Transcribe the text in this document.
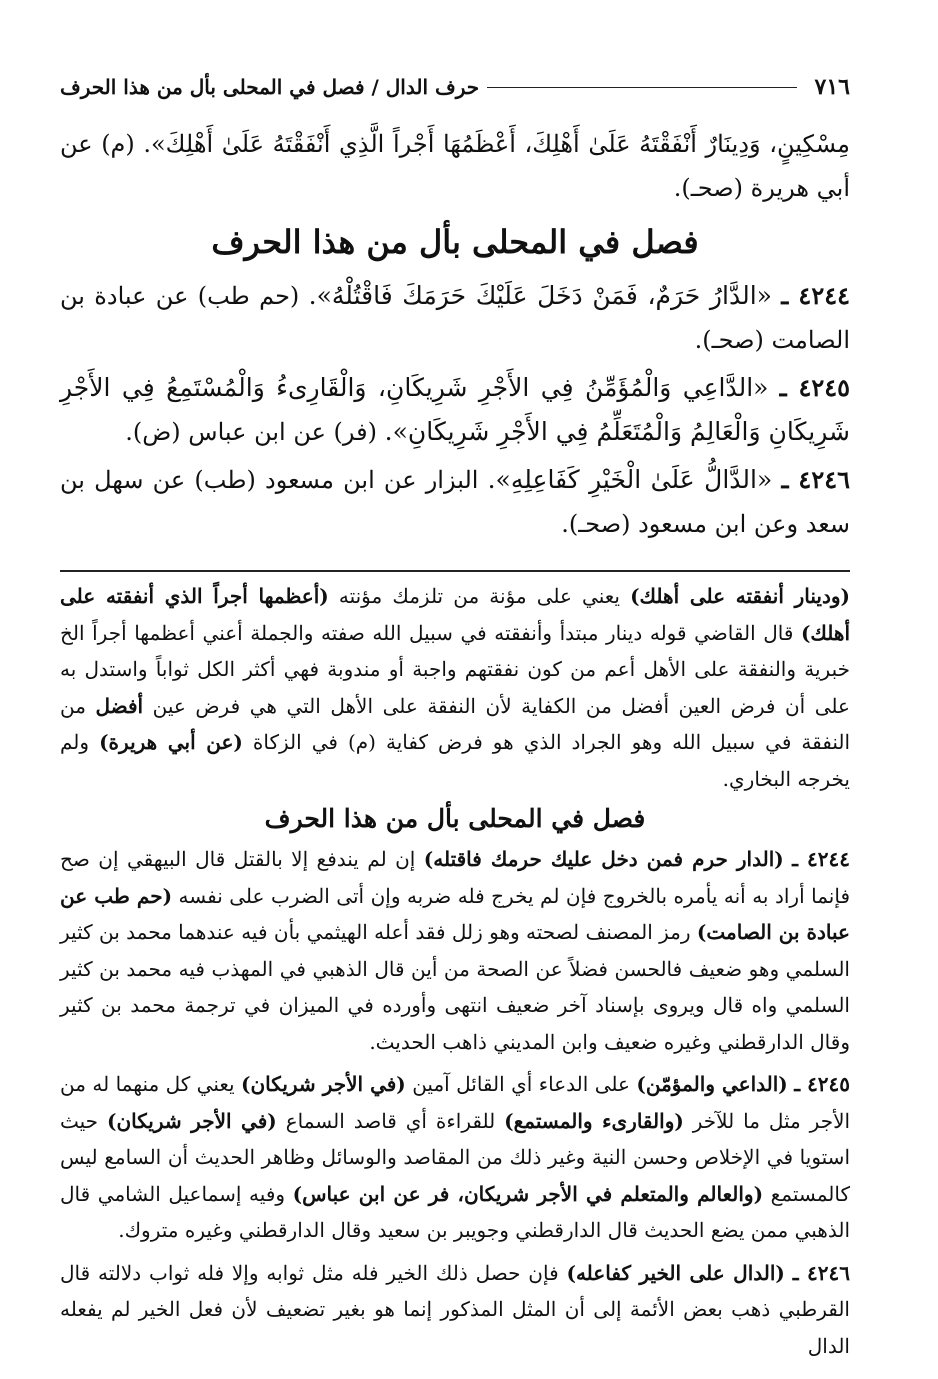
٧١٦
حرف الدال / فصل في المحلى بأل من هذا الحرف

مِسْكِينٍ، وَدِينَارٌ أَنْفَقْتَهُ عَلَىٰ أَهْلِكَ، أَعْظَمُهَا أَجْراً الَّذِي أَنْفَقْتَهُ عَلَىٰ أَهْلِكَ». (م) عن أبي هريرة (صحـ).

فصل في المحلى بأل من هذا الحرف

٤٢٤٤ ـ «الدَّارُ حَرَمٌ، فَمَنْ دَخَلَ عَلَيْكَ حَرَمَكَ فَاقْتُلْهُ». (حم طب) عن عبادة بن الصامت (صحـ).

٤٢٤٥ ـ «الدَّاعِي وَالْمُؤَمِّنُ فِي الأَجْرِ شَرِيكَانِ، وَالْقَارِىءُ وَالْمُسْتَمِعُ فِي الأَجْرِ شَرِيكَانِ وَالْعَالِمُ وَالْمُتَعَلِّمُ فِي الأَجْرِ شَرِيكَانِ». (فر) عن ابن عباس (ض).

٤٢٤٦ ـ «الدَّالُّ عَلَىٰ الْخَيْرِ كَفَاعِلِهِ». البزار عن ابن مسعود (طب) عن سهل بن سعد وعن ابن مسعود (صحـ).

(ودينار أنفقته على أهلك) يعني على مؤنة من تلزمك مؤنته (أعظمها أجراً الذي أنفقته على أهلك) قال القاضي قوله دينار مبتدأ وأنفقته في سبيل الله صفته والجملة أعني أعظمها أجراً الخ خبرية والنفقة على الأهل أعم من كون نفقتهم واجبة أو مندوبة فهي أكثر الكل ثواباً واستدل به على أن فرض العين أفضل من الكفاية لأن النفقة على الأهل التي هي فرض عين أفضل من النفقة في سبيل الله وهو الجراد الذي هو فرض كفاية (م) في الزكاة (عن أبي هريرة) ولم يخرجه البخاري.

فصل في المحلى بأل من هذا الحرف

٤٢٤٤ ـ (الدار حرم فمن دخل عليك حرمك فاقتله) إن لم يندفع إلا بالقتل قال البيهقي إن صح فإنما أراد به أنه يأمره بالخروج فإن لم يخرج فله ضربه وإن أتى الضرب على نفسه (حم طب عن عبادة بن الصامت) رمز المصنف لصحته وهو زلل فقد أعله الهيثمي بأن فيه عندهما محمد بن كثير السلمي وهو ضعيف فالحسن فضلاً عن الصحة من أين قال الذهبي في المهذب فيه محمد بن كثير السلمي واه قال ويروى بإسناد آخر ضعيف انتهى وأورده في الميزان في ترجمة محمد بن كثير وقال الدارقطني وغيره ضعيف وابن المديني ذاهب الحديث.

٤٢٤٥ ـ (الداعي والمؤمّن) على الدعاء أي القائل آمين (في الأجر شريكان) يعني كل منهما له من الأجر مثل ما للآخر (والقارىء والمستمع) للقراءة أي قاصد السماع (في الأجر شريكان) حيث استويا في الإخلاص وحسن النية وغير ذلك من المقاصد والوسائل وظاهر الحديث أن السامع ليس كالمستمع (والعالم والمتعلم في الأجر شريكان، فر عن ابن عباس) وفيه إسماعيل الشامي قال الذهبي ممن يضع الحديث قال الدارقطني وجويبر بن سعيد وقال الدارقطني وغيره متروك.

٤٢٤٦ ـ (الدال على الخير كفاعله) فإن حصل ذلك الخير فله مثل ثوابه وإلا فله ثواب دلالته قال القرطبي ذهب بعض الأئمة إلى أن المثل المذكور إنما هو بغير تضعيف لأن فعل الخير لم يفعله الدال
